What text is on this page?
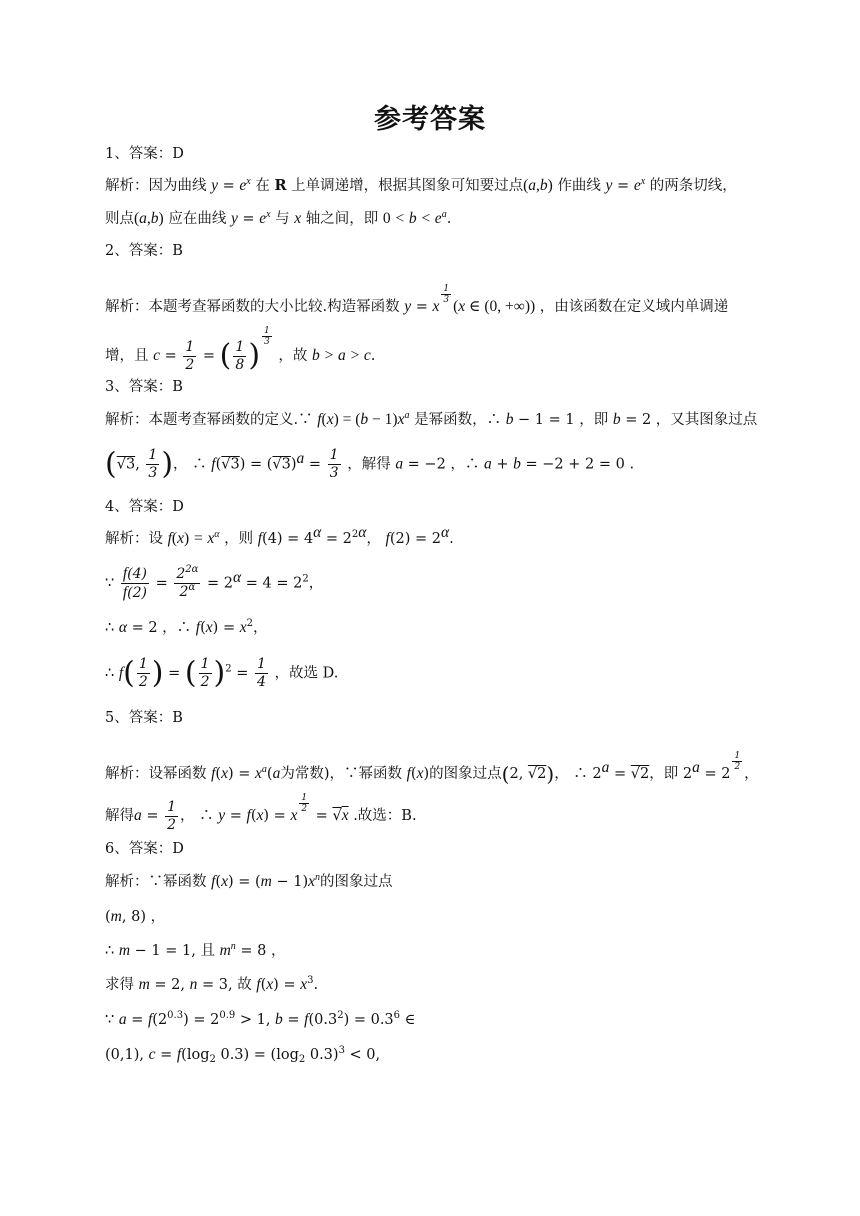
参考答案
1、答案：D
解析：因为曲线 $y = e^x$ 在 R 上单调递增，根据其图象可知要过点(a,b) 作曲线 $y = e^x$ 的两条切线，
则点(a,b) 应在曲线 $y = e^x$ 与 x 轴之间，即 $0 < b < e^a$.
2、答案：B
解析：本题考查幂函数的大小比较.构造幂函数 y = x
$\frac{1}{3}$
(x ∈ (0, +∞)) ，由该函数在定义域内单调递
增，且 $c = \frac{1}{2}$ = ( $\frac{1}{8}$ )
$\frac{1}{3}$
，故 b > a > c.
3、答案：B
解析：本题考查幂函数的定义.∵ $f(x) = (b - 1)x^a$ 是幂函数，∴ b − 1 = 1 ，即 b = 2 ，又其图象过点
(√3, $\frac{1}{3}$ )， ∴ $f(√3) = (√3)^a = \frac{1}{3}$ ，解得 a = −2 ，∴ a + b = −2 + 2 = 0 .
4、答案：D
解析：设 $f(x) = x^\alpha$ ，则 $f(4) = 4^\alpha = 2^{2\alpha}$， $f(2) = 2^\alpha$.
∵ $\frac{f(4)}{f(2)} = \frac{2^{2\alpha}}{2^\alpha} = 2^\alpha = 4 = 2^2$，
∴ α = 2 ，∴ $f(x) = x^2$，
∴ $f( \frac{1}{2}$ ) = ( $\frac{1}{2} )^2 = \frac{1}{4}$ ，故选 D.
5、答案：B
解析：设幂函数 $f(x) = x^a(a$为常数)，∵幂函数 f(x)的图象过点(2, √2)， ∴ $2^a = √2$，即 $2^a = 2$
$\frac{1}{2}$
，
解得$a = \frac{1}{2}$ ， ∴ y = f(x) = x
$\frac{1}{2}$
= √x .故选：B.
6、答案：D
解析：∵幂函数 $f(x) = (m - 1)x^n$的图象过点
(m, 8) ，
∴ m − 1 = 1, 且 $m^n = 8$ ，
求得 m = 2, n = 3, 故 $f(x) = x^3$.
∵ $a = f(2^{0.3}) = 2^{0.9} > 1$, $b = f(0.3^2) = 0.3^6$ ∈
(0,1), $c = f(\log_2$ $0.3) = (\log_2$ 0.3)$^3$ < 0,
